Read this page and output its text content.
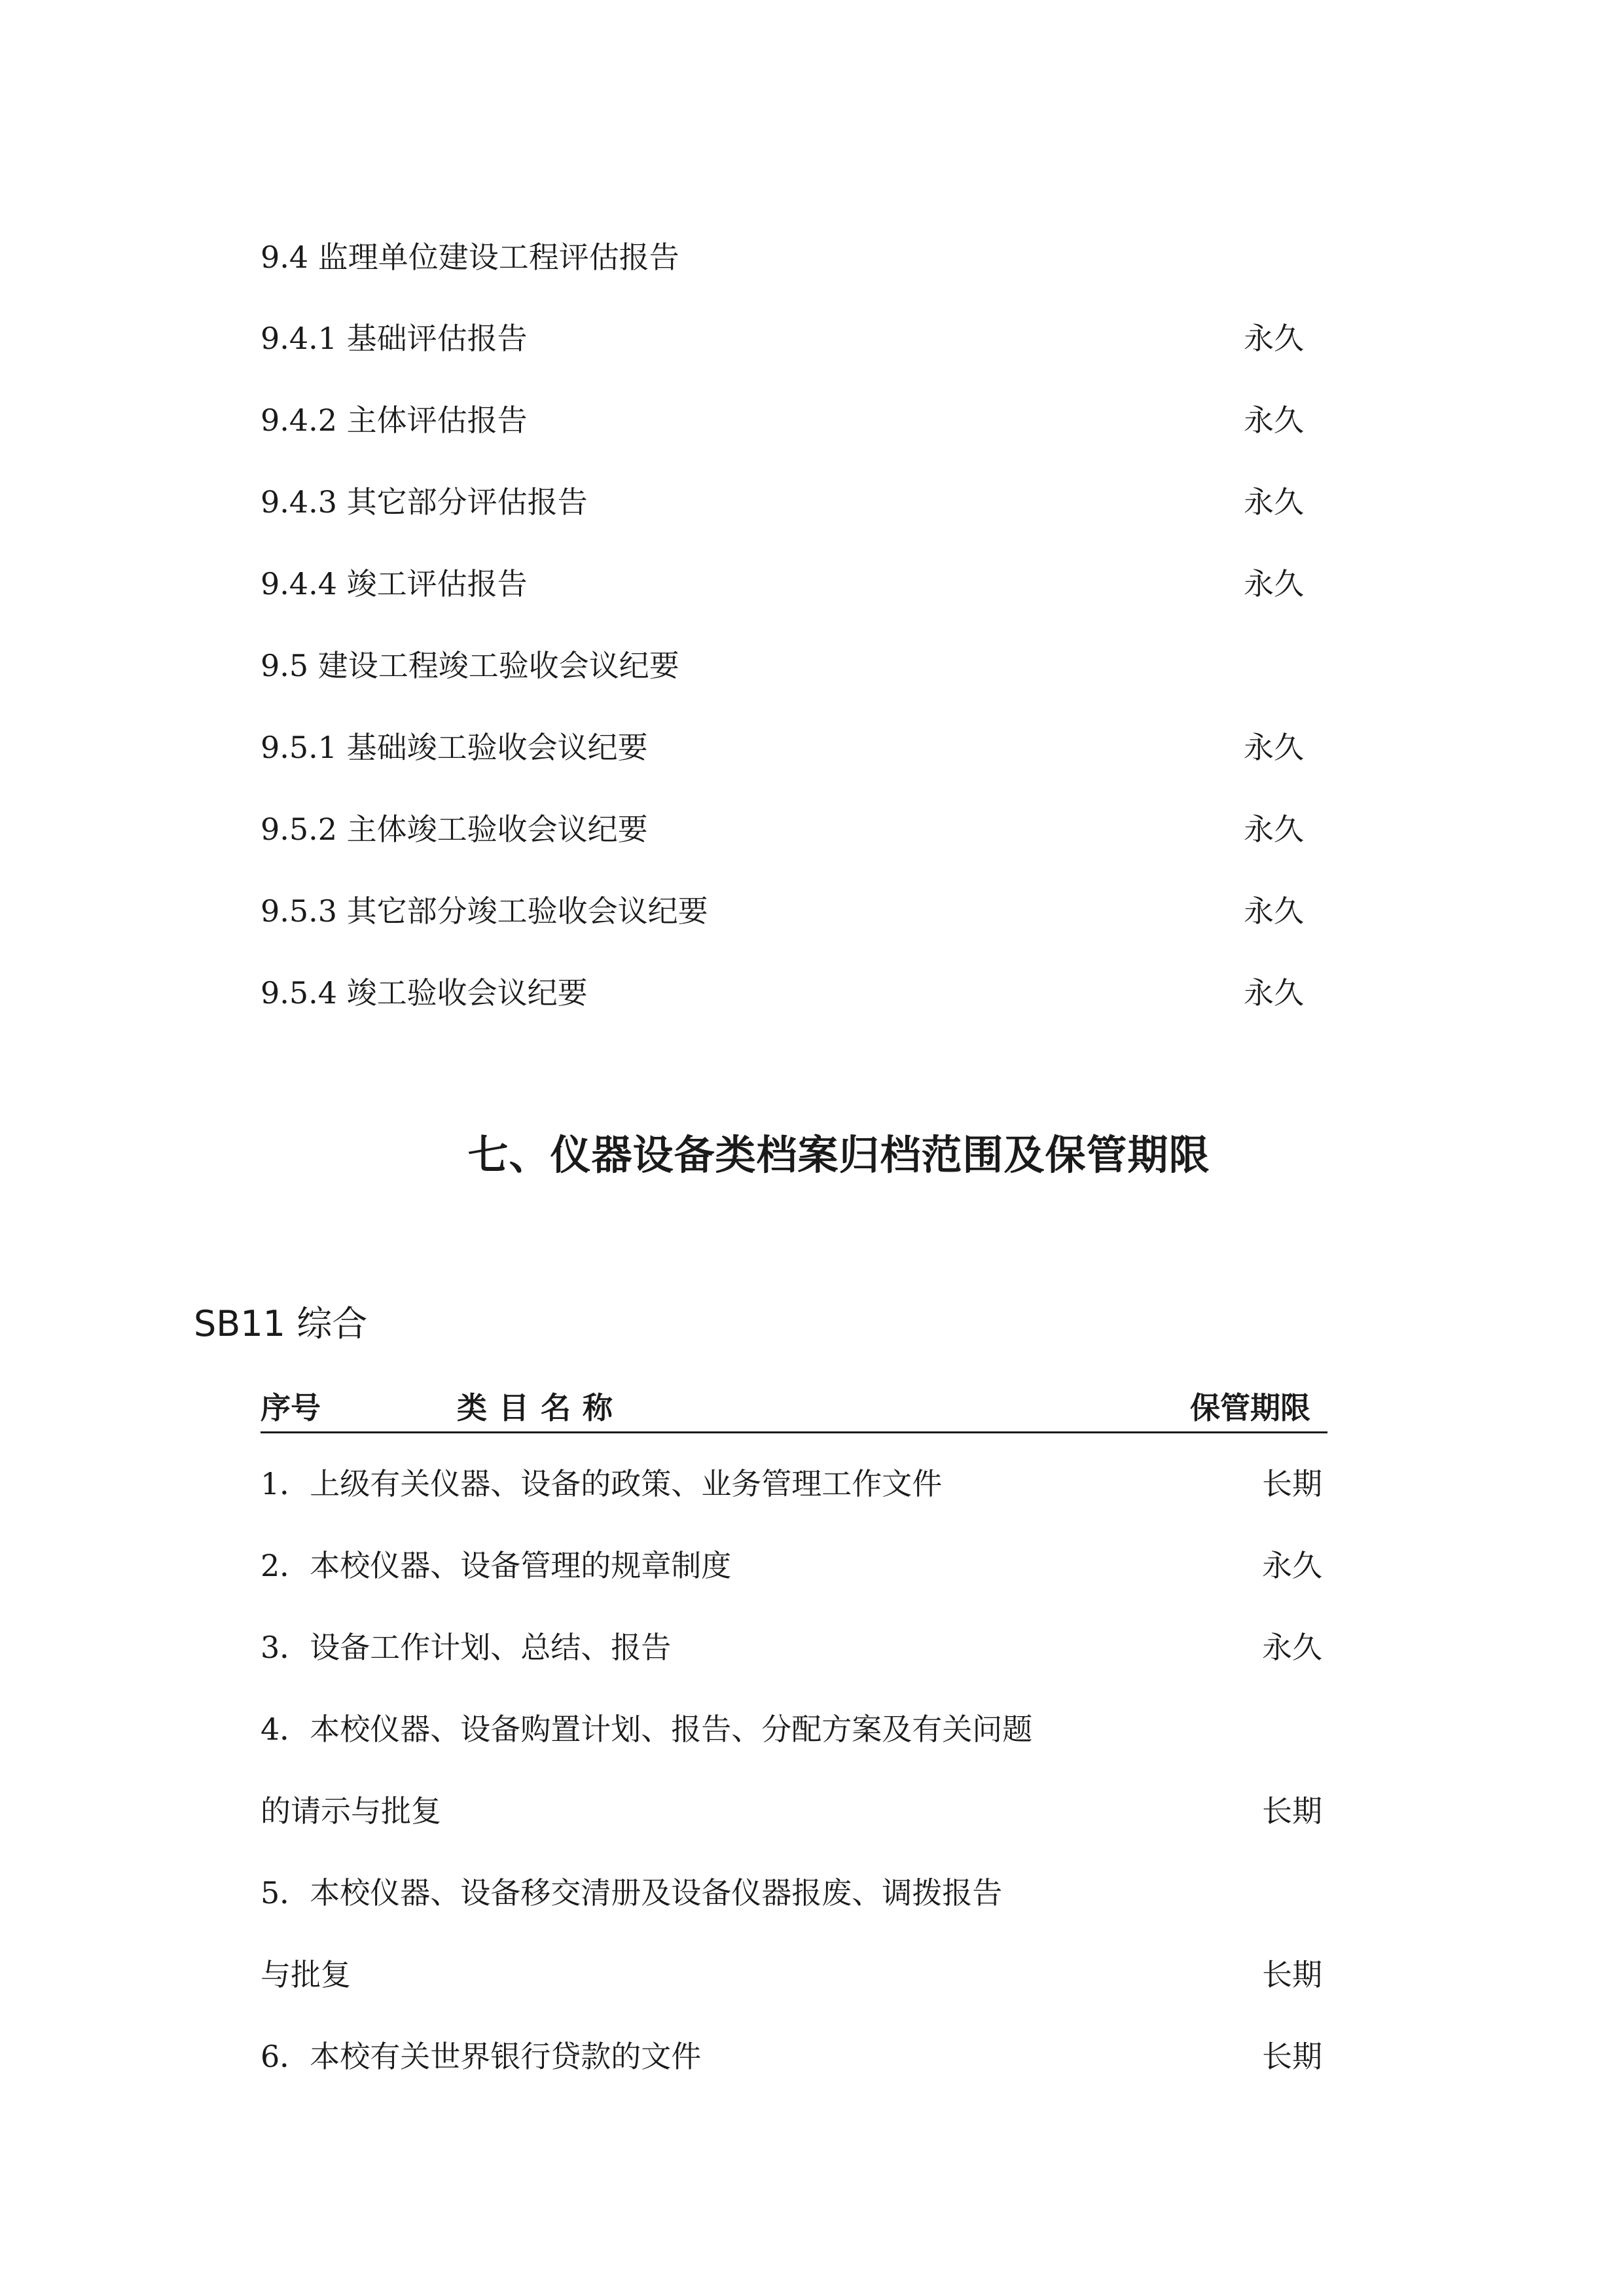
9.4 监理单位建设工程评估报告
9.4.1 基础评估报告	永久
9.4.2 主体评估报告	永久
9.4.3 其它部分评估报告	永久
9.4.4 竣工评估报告	永久
9.5 建设工程竣工验收会议纪要
9.5.1 基础竣工验收会议纪要	永久
9.5.2 主体竣工验收会议纪要	永久
9.5.3 其它部分竣工验收会议纪要	永久
9.5.4 竣工验收会议纪要	永久
七、仪器设备类档案归档范围及保管期限
SB11 综合
序号	类目名称	保管期限
1．上级有关仪器、设备的政策、业务管理工作文件	长期
2．本校仪器、设备管理的规章制度	永久
3．设备工作计划、总结、报告	永久
4．本校仪器、设备购置计划、报告、分配方案及有关问题
的请示与批复	长期
5．本校仪器、设备移交清册及设备仪器报废、调拨报告
与批复	长期
6．本校有关世界银行贷款的文件	长期
